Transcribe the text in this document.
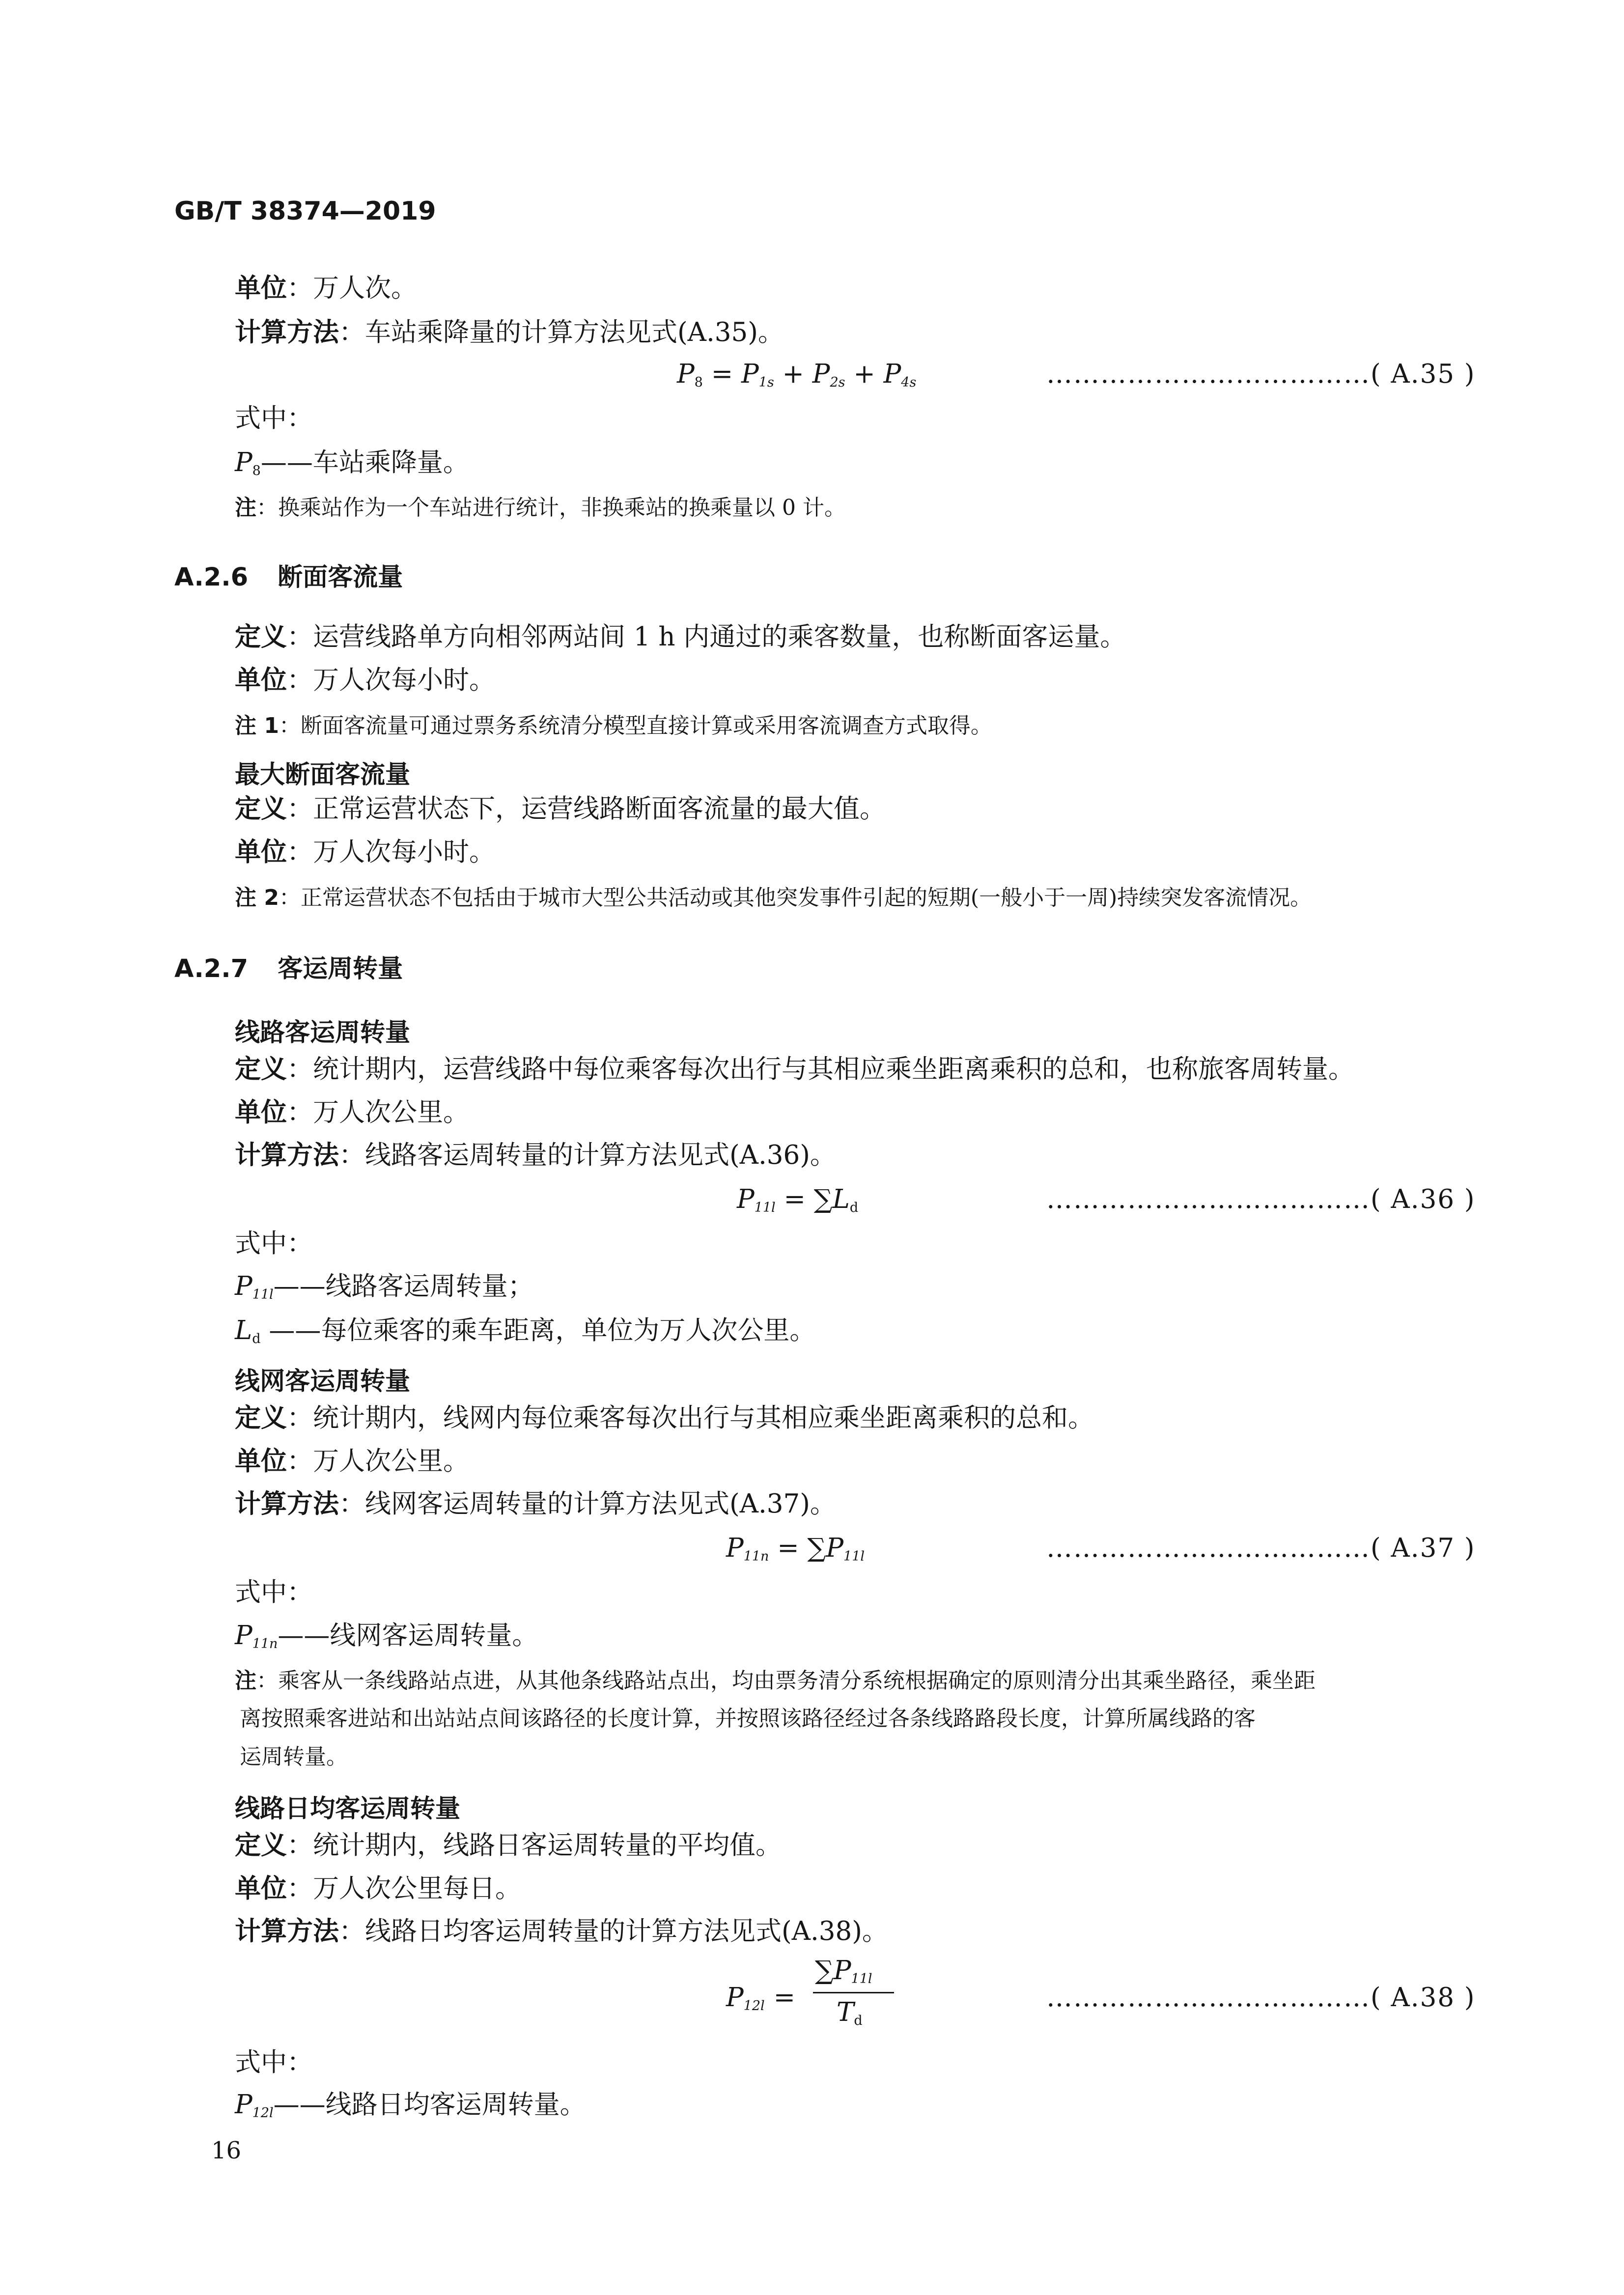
GB/T 38374—2019
单位：万人次。
计算方法：车站乘降量的计算方法见式(A.35)。
$P8 = P_{1s} + P_{2s} + P_{4s}$	………………………………( A.35 )
式中：
P8——车站乘降量。
注：换乘站作为一个车站进行统计，非换乘站的换乘量以 0 计。
A.2.6 断面客流量
定义：运营线路单方向相邻两站间 1 h 内通过的乘客数量，也称断面客运量。
单位：万人次每小时。
注 1：断面客流量可通过票务系统清分模型直接计算或采用客流调查方式取得。
最大断面客流量
定义：正常运营状态下，运营线路断面客流量的最大值。
单位：万人次每小时。
注 2：正常运营状态不包括由于城市大型公共活动或其他突发事件引起的短期(一般小于一周)持续突发客流情况。
A.2.7 客运周转量
线路客运周转量
定义：统计期内，运营线路中每位乘客每次出行与其相应乘坐距离乘积的总和，也称旅客周转量。
单位：万人次公里。
计算方法：线路客运周转量的计算方法见式(A.36)。
$P_{11l} = \sum Ld$	………………………………( A.36 )
式中：
$P_{11l}——$线路客运周转量；
Ld ——每位乘客的乘车距离，单位为万人次公里。
线网客运周转量
定义：统计期内，线网内每位乘客每次出行与其相应乘坐距离乘积的总和。
单位：万人次公里。
计算方法：线网客运周转量的计算方法见式(A.37)。
$P_{11n} = \sum P_{11l}$	………………………………( A.37 )
式中：
$P_{11n}——$线网客运周转量。
注：乘客从一条线路站点进，从其他条线路站点出，均由票务清分系统根据确定的原则清分出其乘坐路径，乘坐距
离按照乘客进站和出站站点间该路径的长度计算，并按照该路径经过各条线路路段长度，计算所属线路的客
运周转量。
线路日均客运周转量
定义：统计期内，线路日客运周转量的平均值。
单位：万人次公里每日。
计算方法：线路日均客运周转量的计算方法见式(A.38)。
$P_{12l}$ =
$\sum P_{11l}$
Td
………………………………( A.38 )
式中：
$P_{12l}——$线路日均客运周转量。
16
